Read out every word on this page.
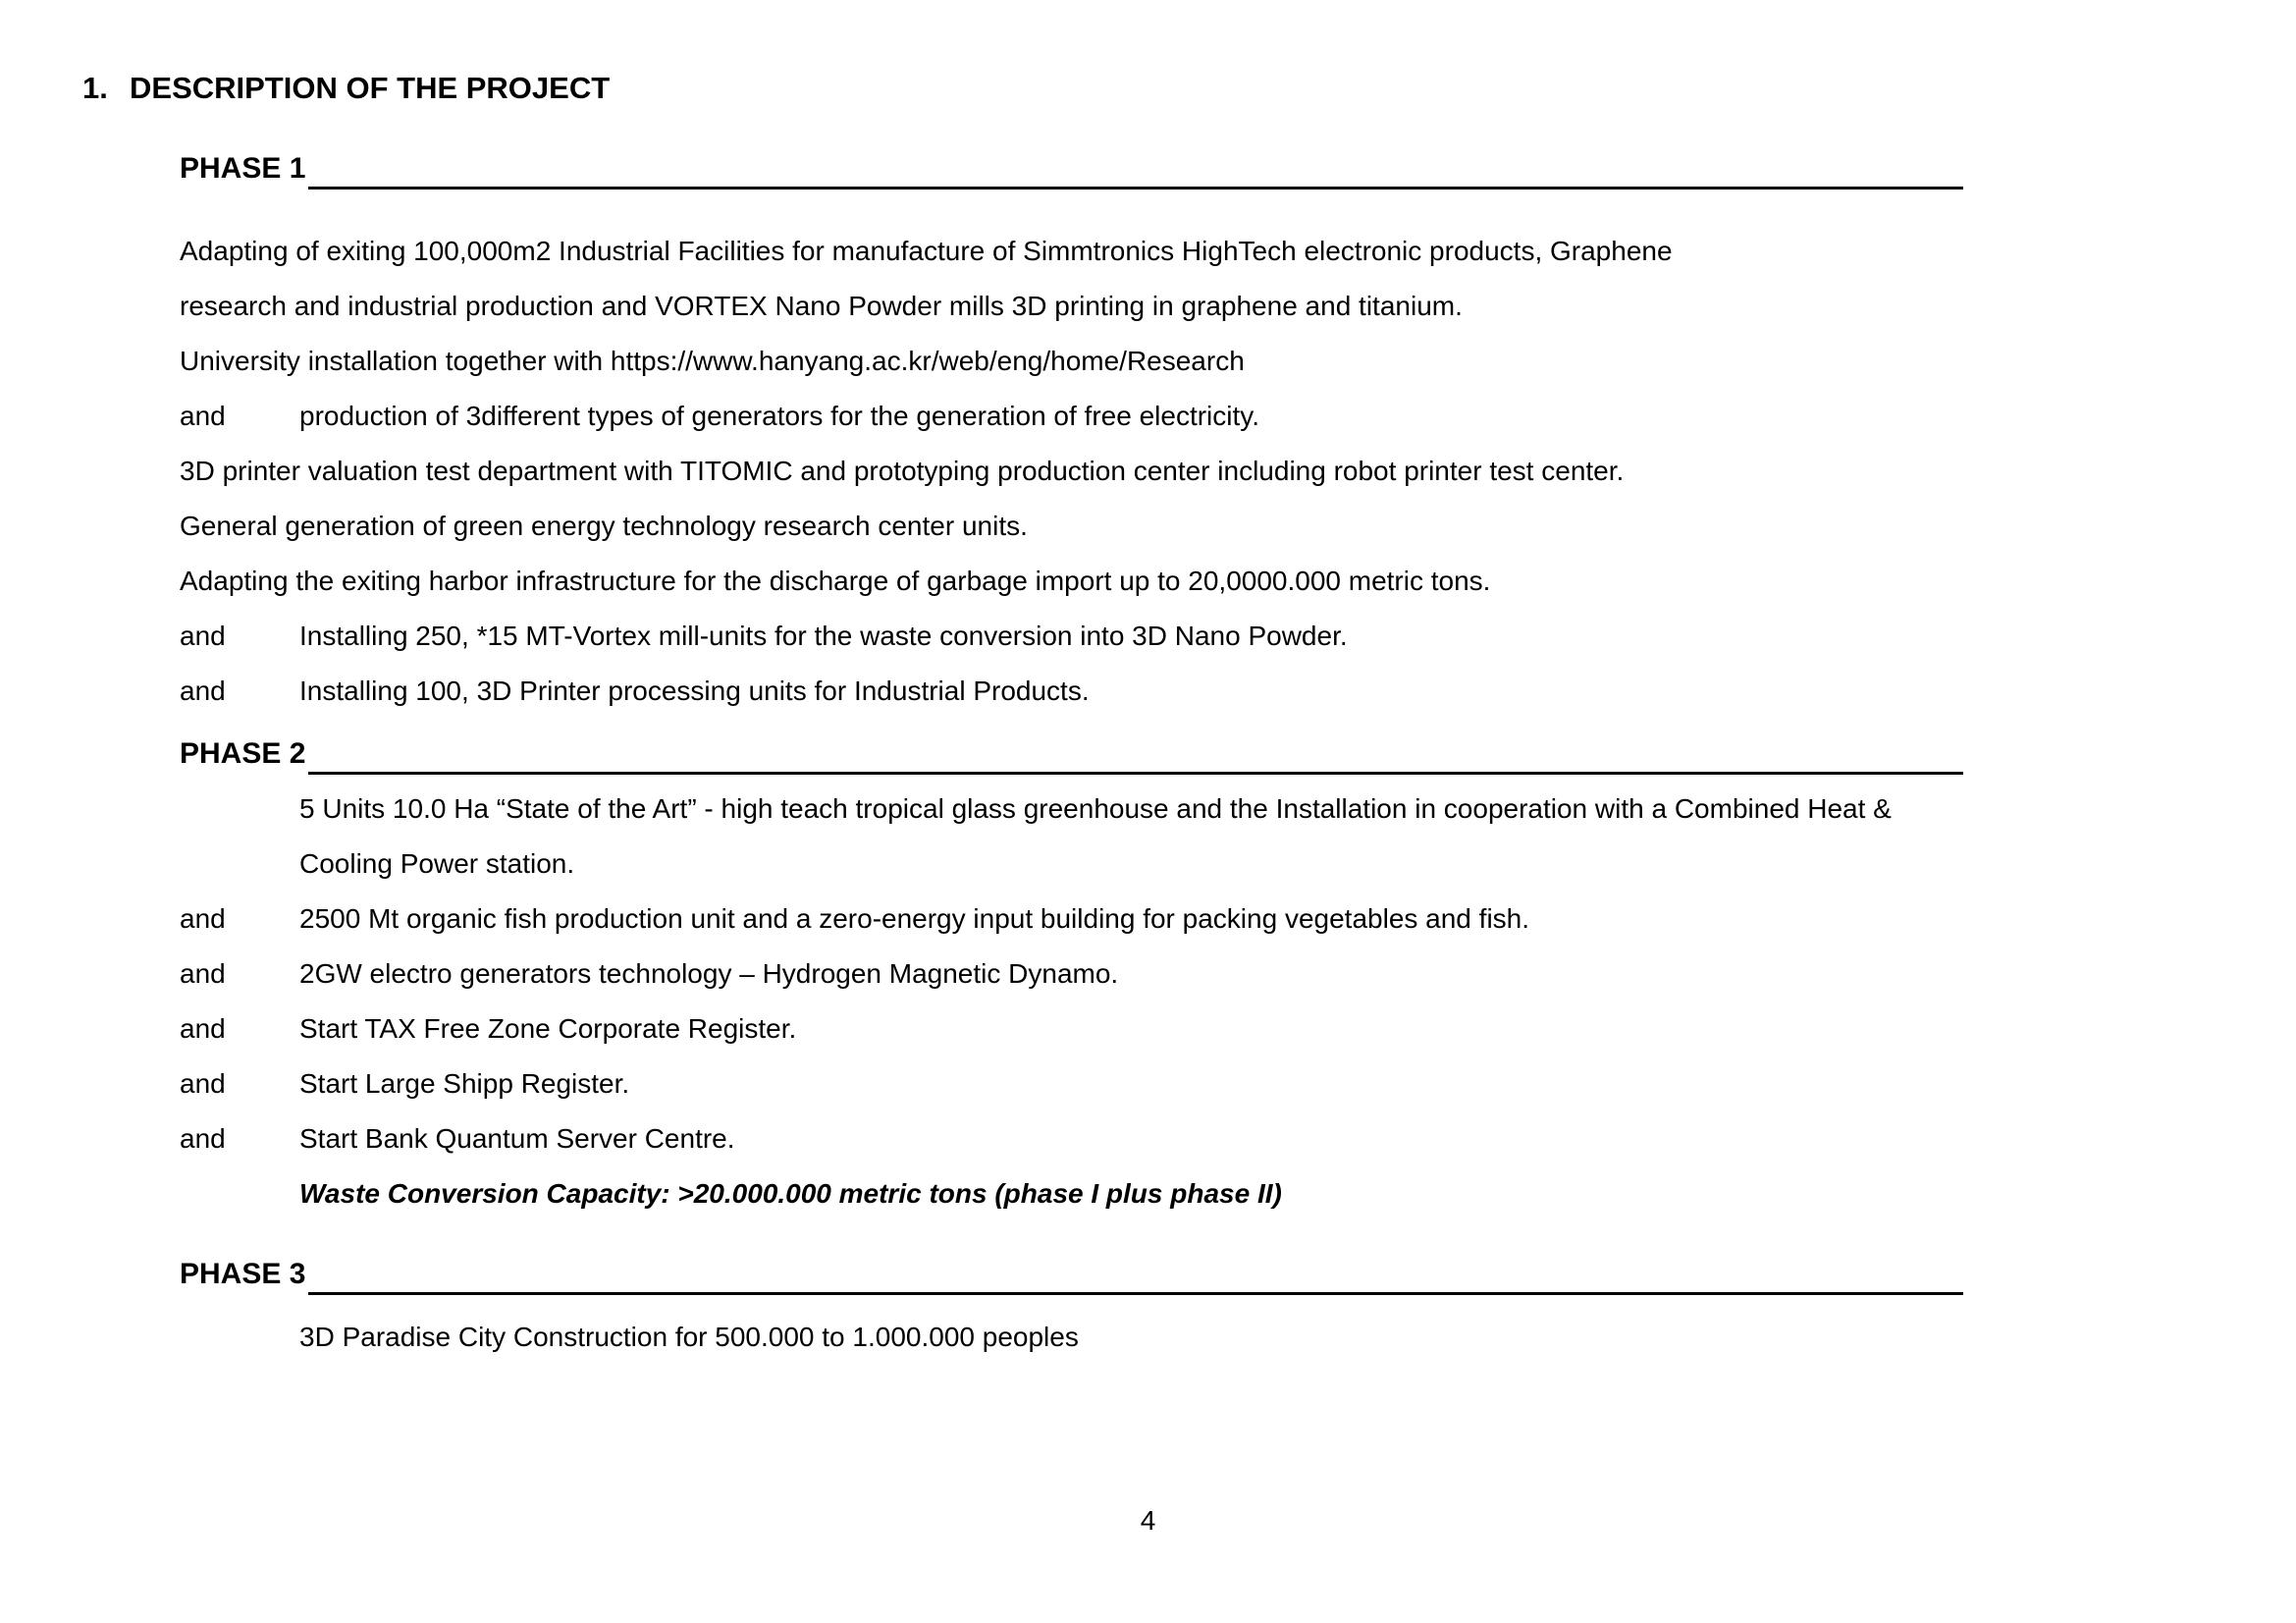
1. DESCRIPTION OF THE PROJECT
PHASE 1
Adapting of exiting 100,000m2 Industrial Facilities for manufacture of Simmtronics HighTech electronic products, Graphene
research and industrial production and VORTEX Nano Powder mills 3D printing in graphene and titanium.
University installation together with https://www.hanyang.ac.kr/web/eng/home/Research
and	production of 3different types of generators for the generation of free electricity.
3D printer valuation test department with TITOMIC and prototyping production center including robot printer test center.
General generation of green energy technology research center units.
Adapting the exiting harbor infrastructure for the discharge of garbage import up to 20,0000.000 metric tons.
and	Installing 250, *15 MT-Vortex mill-units for the waste conversion into 3D Nano Powder.
and	Installing 100, 3D Printer processing units for Industrial Products.
PHASE 2
5 Units 10.0 Ha “State of the Art” - high teach tropical glass greenhouse and the Installation in cooperation with a Combined Heat &
Cooling Power station.
and	2500 Mt organic fish production unit and a zero-energy input building for packing vegetables and fish.
and	2GW electro generators technology – Hydrogen Magnetic Dynamo.
and	Start TAX Free Zone Corporate Register.
and	Start Large Shipp Register.
and	Start Bank Quantum Server Centre.
Waste Conversion Capacity: >20.000.000 metric tons (phase I plus phase II)
PHASE 3
3D Paradise City Construction for 500.000 to 1.000.000 peoples
4
